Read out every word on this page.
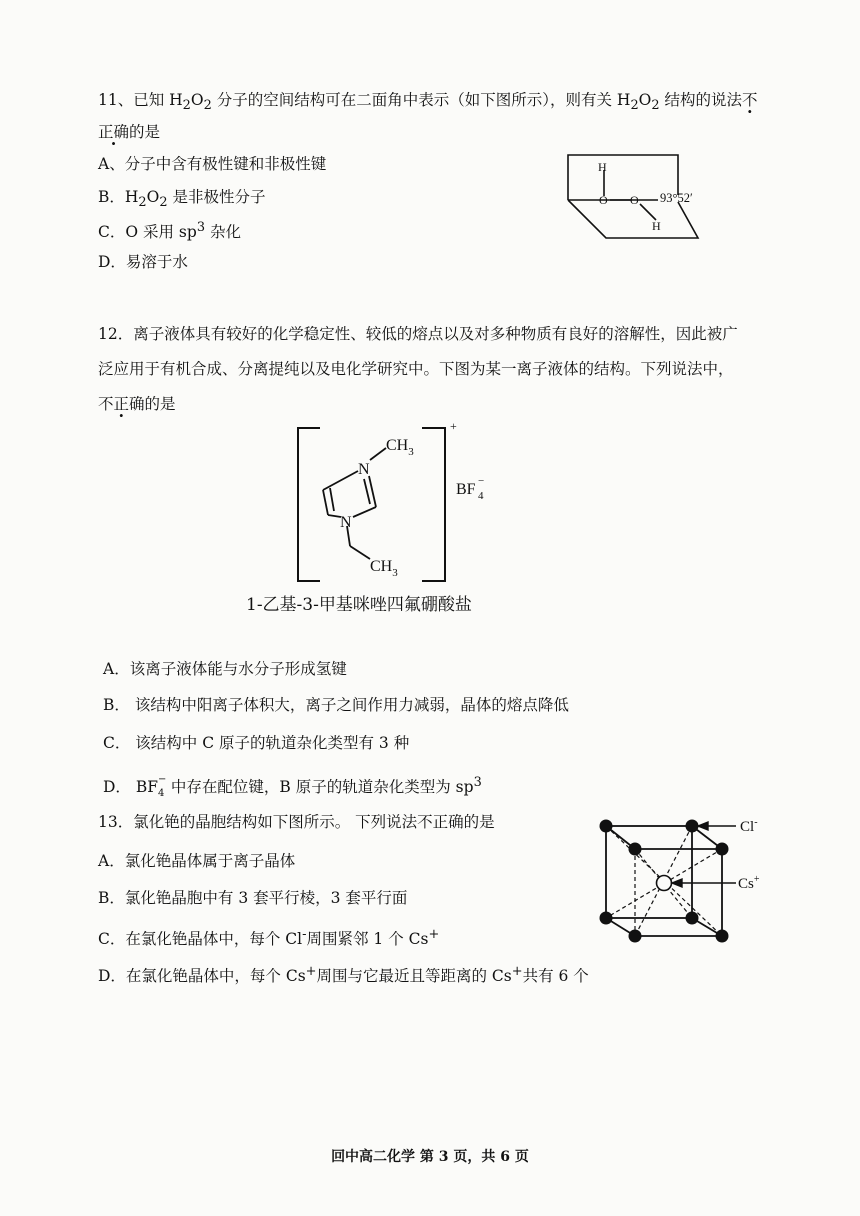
11、已知 $H_2O_2$ 分子的空间结构可在二面角中表示（如下图所示），则有关 $H_2O_2$ 结构的说法不
正确的是
A、分子中含有极性键和非极性键
B．$H_2O_2$ 是非极性分子
C．O 采用 $sp^3$ 杂化
D．易溶于水
H
O O 93°52′
H
12．离子液体具有较好的化学稳定性、较低的熔点以及对多种物质有良好的溶解性，因此被广
泛应用于有机合成、分离提纯以及电化学研究中。下图为某一离子液体的结构。下列说法中，
不正确的是
N
$CH_3$
N
$CH_3$
+
BF − 4
1-乙基-3-甲基咪唑四氟硼酸盐
A．该离子液体能与水分子形成氢键
B． 该结构中阳离子体积大，离子之间作用力减弱，晶体的熔点降低
C． 该结构中 C 原子的轨道杂化类型有 3 种
D． BF −
4 中存在配位键，B 原子的轨道杂化类型为 $sp^3$
13．氯化铯的晶胞结构如下图所示。 下列说法不正确的是
A．氯化铯晶体属于离子晶体
B．氯化铯晶胞中有 3 套平行棱，3 套平行面
C．在氯化铯晶体中，每个 Cl-周围紧邻 1 个 Cs+
D．在氯化铯晶体中，每个 Cs+周围与它最近且等距离的 Cs+共有 6 个
Cl-
Cs+
回中高二化学 第 3 页，共 6 页
